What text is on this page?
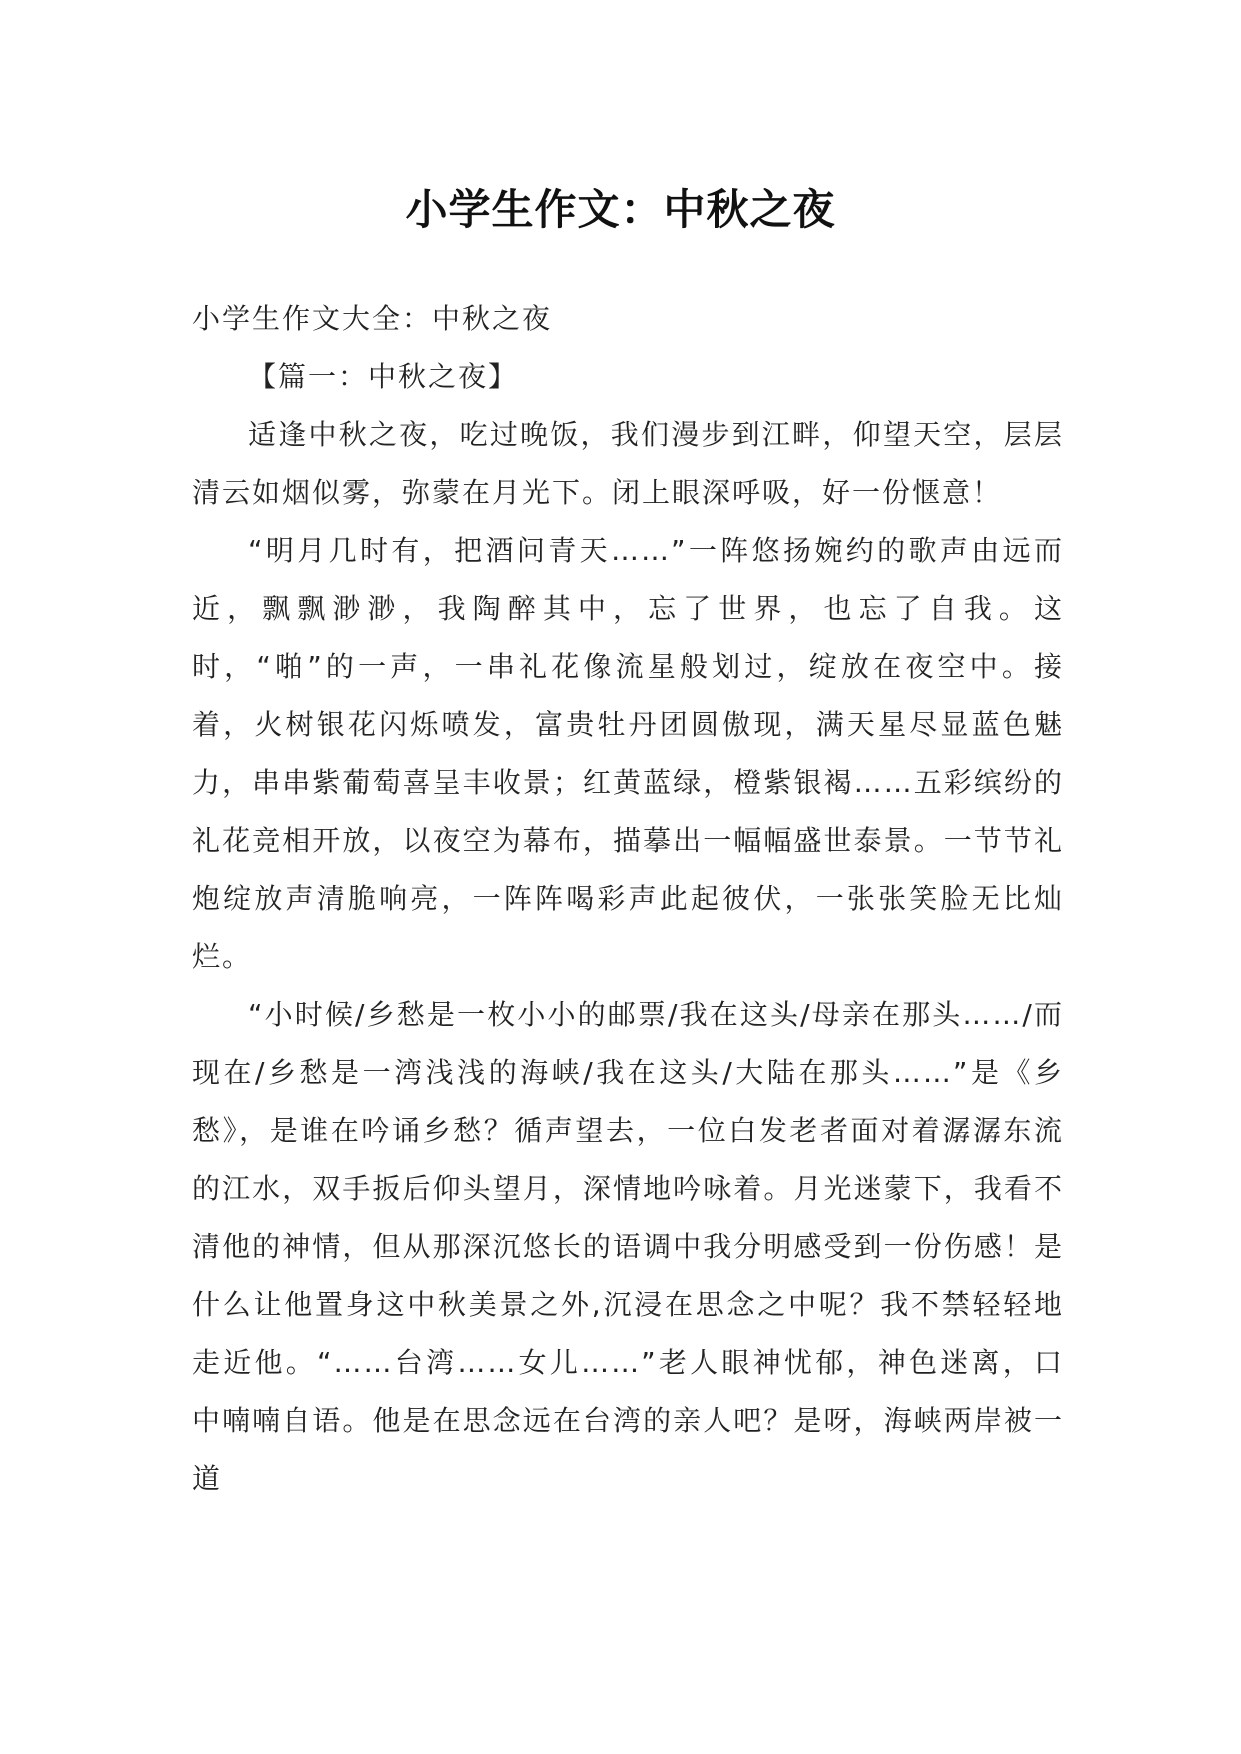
小学生作文：中秋之夜

小学生作文大全：中秋之夜

【篇一：中秋之夜】

适逢中秋之夜，吃过晚饭，我们漫步到江畔，仰望天空，层层清云如烟似雾，弥蒙在月光下。闭上眼深呼吸，好一份惬意！

“明月几时有，把酒问青天……”一阵悠扬婉约的歌声由远而近，飘飘渺渺，我陶醉其中，忘了世界，也忘了自我。这时，“啪”的一声，一串礼花像流星般划过，绽放在夜空中。接着，火树银花闪烁喷发，富贵牡丹团圆傲现，满天星尽显蓝色魅力，串串紫葡萄喜呈丰收景；红黄蓝绿，橙紫银褐……五彩缤纷的礼花竞相开放，以夜空为幕布，描摹出一幅幅盛世泰景。一节节礼炮绽放声清脆响亮，一阵阵喝彩声此起彼伏，一张张笑脸无比灿烂。

“小时候/乡愁是一枚小小的邮票/我在这头/母亲在那头……/而现在/乡愁是一湾浅浅的海峡/我在这头/大陆在那头……”是《乡愁》，是谁在吟诵乡愁？循声望去，一位白发老者面对着潺潺东流的江水，双手扳后仰头望月，深情地吟咏着。月光迷蒙下，我看不清他的神情，但从那深沉悠长的语调中我分明感受到一份伤感！是什么让他置身这中秋美景之外,沉浸在思念之中呢？我不禁轻轻地走近他。“……台湾……女儿……”老人眼神忧郁，神色迷离，口中喃喃自语。他是在思念远在台湾的亲人吧？是呀，海峡两岸被一道
